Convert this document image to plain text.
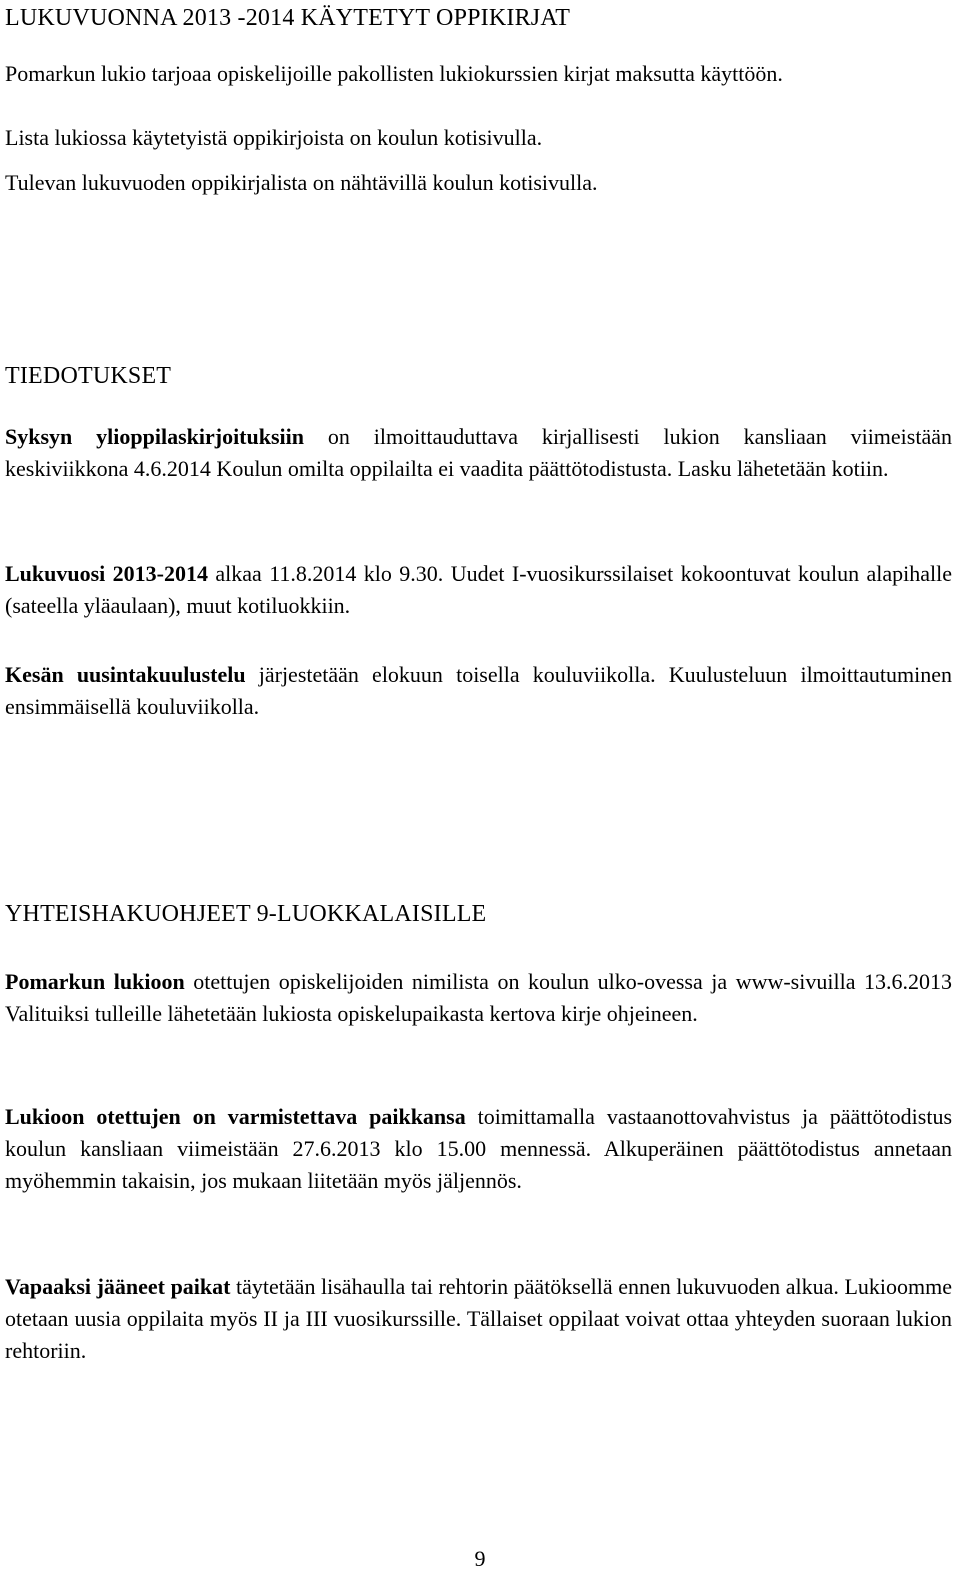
LUKUVUONNA 2013 -2014 KÄYTETYT OPPIKIRJAT

Pomarkun lukio tarjoaa opiskelijoille pakollisten lukiokurssien kirjat maksutta käyttöön.

Lista lukiossa käytetyistä oppikirjoista on koulun kotisivulla.

Tulevan lukuvuoden oppikirjalista on nähtävillä koulun kotisivulla.

TIEDOTUKSET

Syksyn ylioppilaskirjoituksiin on ilmoittauduttava kirjallisesti lukion kansliaan viimeistään keskiviikkona 4.6.2014 Koulun omilta oppilailta ei vaadita päättötodistusta. Lasku lähetetään kotiin.

Lukuvuosi 2013-2014 alkaa 11.8.2014 klo 9.30. Uudet I-vuosikurssilaiset kokoontuvat koulun alapihalle (sateella yläaulaan), muut kotiluokkiin.

Kesän uusintakuulustelu järjestetään elokuun toisella kouluviikolla. Kuulusteluun ilmoittautuminen ensimmäisellä kouluviikolla.

YHTEISHAKUOHJEET 9-LUOKKALAISILLE

Pomarkun lukioon otettujen opiskelijoiden nimilista on koulun ulko-ovessa ja www-sivuilla 13.6.2013 Valituiksi tulleille lähetetään lukiosta opiskelupaikasta kertova kirje ohjeineen.

Lukioon otettujen on varmistettava paikkansa toimittamalla vastaanottovahvistus ja päättötodistus koulun kansliaan viimeistään 27.6.2013 klo 15.00 mennessä. Alkuperäinen päättötodistus annetaan myöhemmin takaisin, jos mukaan liitetään myös jäljennös.

Vapaaksi jääneet paikat täytetään lisähaulla tai rehtorin päätöksellä ennen lukuvuoden alkua. Lukioomme otetaan uusia oppilaita myös II ja III vuosikurssille. Tällaiset oppilaat voivat ottaa yhteyden suoraan lukion rehtoriin.

9
